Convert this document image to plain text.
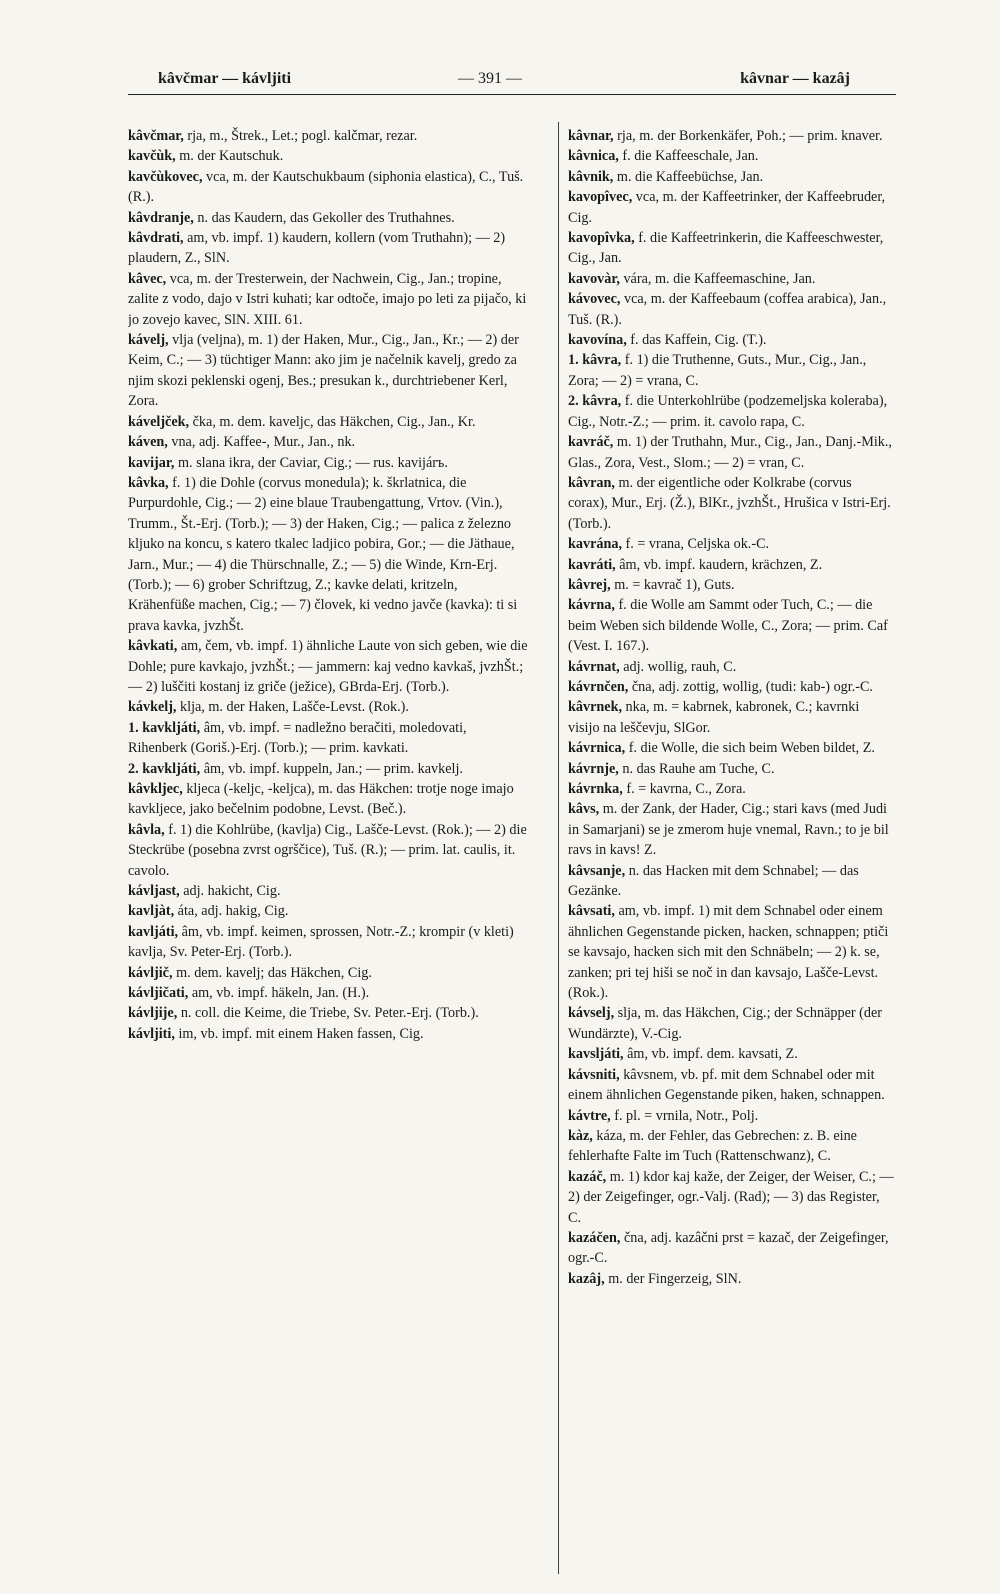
kâvčmar — kávljiti	— 391 —	kâvnar — kazâj

kâvčmar, rja, m., Štrek., Let.; pogl. kalčmar, rezar.

kavčùk, m. der Kautschuk.

kavčùkovec, vca, m. der Kautschukbaum (siphonia elastica), C., Tuš.(R.).

kâvdranje, n. das Kaudern, das Gekoller des Truthahnes.

kâvdrati, am, vb. impf. 1) kaudern, kollern (vom Truthahn); — 2) plaudern, Z., SlN.

kâvec, vca, m. der Tresterwein, der Nachwein, Cig., Jan.; tropine, zalite z vodo, dajo v Istri kuhati; kar odtoče, imajo po leti za pijačo, ki jo zovejo kavec, SlN. XIII. 61.

kávelj, vlja (veljna), m. 1) der Haken, Mur., Cig., Jan., Kr.; — 2) der Keim, C.; — 3) tüchtiger Mann: ako jim je načelnik kavelj, gredo za njim skozi peklenski ogenj, Bes.; presukan k., durchtriebener Kerl, Zora.

káveljček, čka, m. dem. kaveljc, das Häkchen, Cig., Jan., Kr.

káven, vna, adj. Kaffee-, Mur., Jan., nk.

kavijar, m. slana ikra, der Caviar, Cig.; — rus. kavijárъ.

kâvka, f. 1) die Dohle (corvus monedula); k. škrlatnica, die Purpurdohle, Cig.; — 2) eine blaue Traubengattung, Vrtov. (Vin.), Trumm., Št.-Erj. (Torb.); — 3) der Haken, Cig.; — palica z železno kljuko na koncu, s katero tkalec ladjico pobira, Gor.; — die Jäthaue, Jarn., Mur.; — 4) die Thürschnalle, Z.; — 5) die Winde, Krn-Erj. (Torb.); — 6) grober Schriftzug, Z.; kavke delati, kritzeln, Krähenfüße machen, Cig.; — 7) človek, ki vedno javče (kavka): ti si prava kavka, jvzhŠt.

kâvkati, am, čem, vb. impf. 1) ähnliche Laute von sich geben, wie die Dohle; pure kavkajo, jvzhŠt.; — jammern: kaj vedno kavkaš, jvzhŠt.; — 2) luščiti kostanj iz griče (ježice), GBrda-Erj. (Torb.).

kávkelj, klja, m. der Haken, Lašče-Levst. (Rok.).

1. kavkljáti, âm, vb. impf. = nadležno beračiti, moledovati, Rihenberk (Goriš.)-Erj. (Torb.); — prim. kavkati.

2. kavkljáti, âm, vb. impf. kuppeln, Jan.; — prim. kavkelj.

kâvkljec, kljeca (-keljc, -keljca), m. das Häkchen: trotje noge imajo kavkljece, jako bečelnim podobne, Levst. (Beč.).

kâvla, f. 1) die Kohlrübe, (kavlja) Cig., Lašče-Levst. (Rok.); — 2) die Steckrübe (posebna zvrst ogrščice), Tuš. (R.); — prim. lat. caulis, it. cavolo.

kávljast, adj. hakicht, Cig.

kavljàt, áta, adj. hakig, Cig.

kavljáti, âm, vb. impf. keimen, sprossen, Notr.-Z.; krompir (v kleti) kavlja, Sv. Peter-Erj. (Torb.).

kávljič, m. dem. kavelj; das Häkchen, Cig.

kávljičati, am, vb. impf. häkeln, Jan. (H.).

kávljije, n. coll. die Keime, die Triebe, Sv. Peter.-Erj. (Torb.).

kávljiti, im, vb. impf. mit einem Haken fassen, Cig.

kâvnar, rja, m. der Borkenkäfer, Poh.; — prim. knaver.

kâvnica, f. die Kaffeeschale, Jan.

kâvnik, m. die Kaffeebüchse, Jan.

kavopîvec, vca, m. der Kaffeetrinker, der Kaffeebruder, Cig.

kavopîvka, f. die Kaffeetrinkerin, die Kaffeeschwester, Cig., Jan.

kavovàr, vára, m. die Kaffeemaschine, Jan.

kávovec, vca, m. der Kaffeebaum (coffea arabica), Jan., Tuš. (R.).

kavovína, f. das Kaffein, Cig. (T.).

1. kâvra, f. 1) die Truthenne, Guts., Mur., Cig., Jan., Zora; — 2) = vrana, C.

2. kâvra, f. die Unterkohlrübe (podzemeljska koleraba), Cig., Notr.-Z.; — prim. it. cavolo rapa, C.

kavráč, m. 1) der Truthahn, Mur., Cig., Jan., Danj.-Mik., Glas., Zora, Vest., Slom.; — 2) = vran, C.

kâvran, m. der eigentliche oder Kolkrabe (corvus corax), Mur., Erj. (Ž.), BlKr., jvzhŠt., Hrušica v Istri-Erj. (Torb.).

kavrána, f. = vrana, Celjska ok.-C.

kavráti, âm, vb. impf. kaudern, krächzen, Z.

kâvrej, m. = kavrač 1), Guts.

kávrna, f. die Wolle am Sammt oder Tuch, C.; — die beim Weben sich bildende Wolle, C., Zora; — prim. Caf (Vest. I. 167.).

kávrnat, adj. wollig, rauh, C.

kávrnčen, čna, adj. zottig, wollig, (tudi: kab-) ogr.-C.

kâvrnek, nka, m. = kabrnek, kabronek, C.; kavrnki visijo na leščevju, SlGor.

kávrnica, f. die Wolle, die sich beim Weben bildet, Z.

kávrnje, n. das Rauhe am Tuche, C.

kávrnka, f. = kavrna, C., Zora.

kâvs, m. der Zank, der Hader, Cig.; stari kavs (med Judi in Samarjani) se je zmerom huje vnemal, Ravn.; to je bil ravs in kavs! Z.

kâvsanje, n. das Hacken mit dem Schnabel; — das Gezänke.

kâvsati, am, vb. impf. 1) mit dem Schnabel oder einem ähnlichen Gegenstande picken, hacken, schnappen; ptiči se kavsajo, hacken sich mit den Schnäbeln; — 2) k. se, zanken; pri tej hiši se noč in dan kavsajo, Lašče-Levst. (Rok.).

kávselj, slja, m. das Häkchen, Cig.; der Schnäpper (der Wundärzte), V.-Cig.

kavsljáti, âm, vb. impf. dem. kavsati, Z.

kávsniti, kâvsnem, vb. pf. mit dem Schnabel oder mit einem ähnlichen Gegenstande piken, haken, schnappen.

kávtre, f. pl. = vrnila, Notr., Polj.

kàz, káza, m. der Fehler, das Gebrechen: z. B. eine fehlerhafte Falte im Tuch (Rattenschwanz), C.

kazáč, m. 1) kdor kaj kaže, der Zeiger, der Weiser, C.; — 2) der Zeigefinger, ogr.-Valj. (Rad); — 3) das Register, C.

kazáčen, čna, adj. kazâčni prst = kazač, der Zeigefinger, ogr.-C.

kazâj, m. der Fingerzeig, SlN.
